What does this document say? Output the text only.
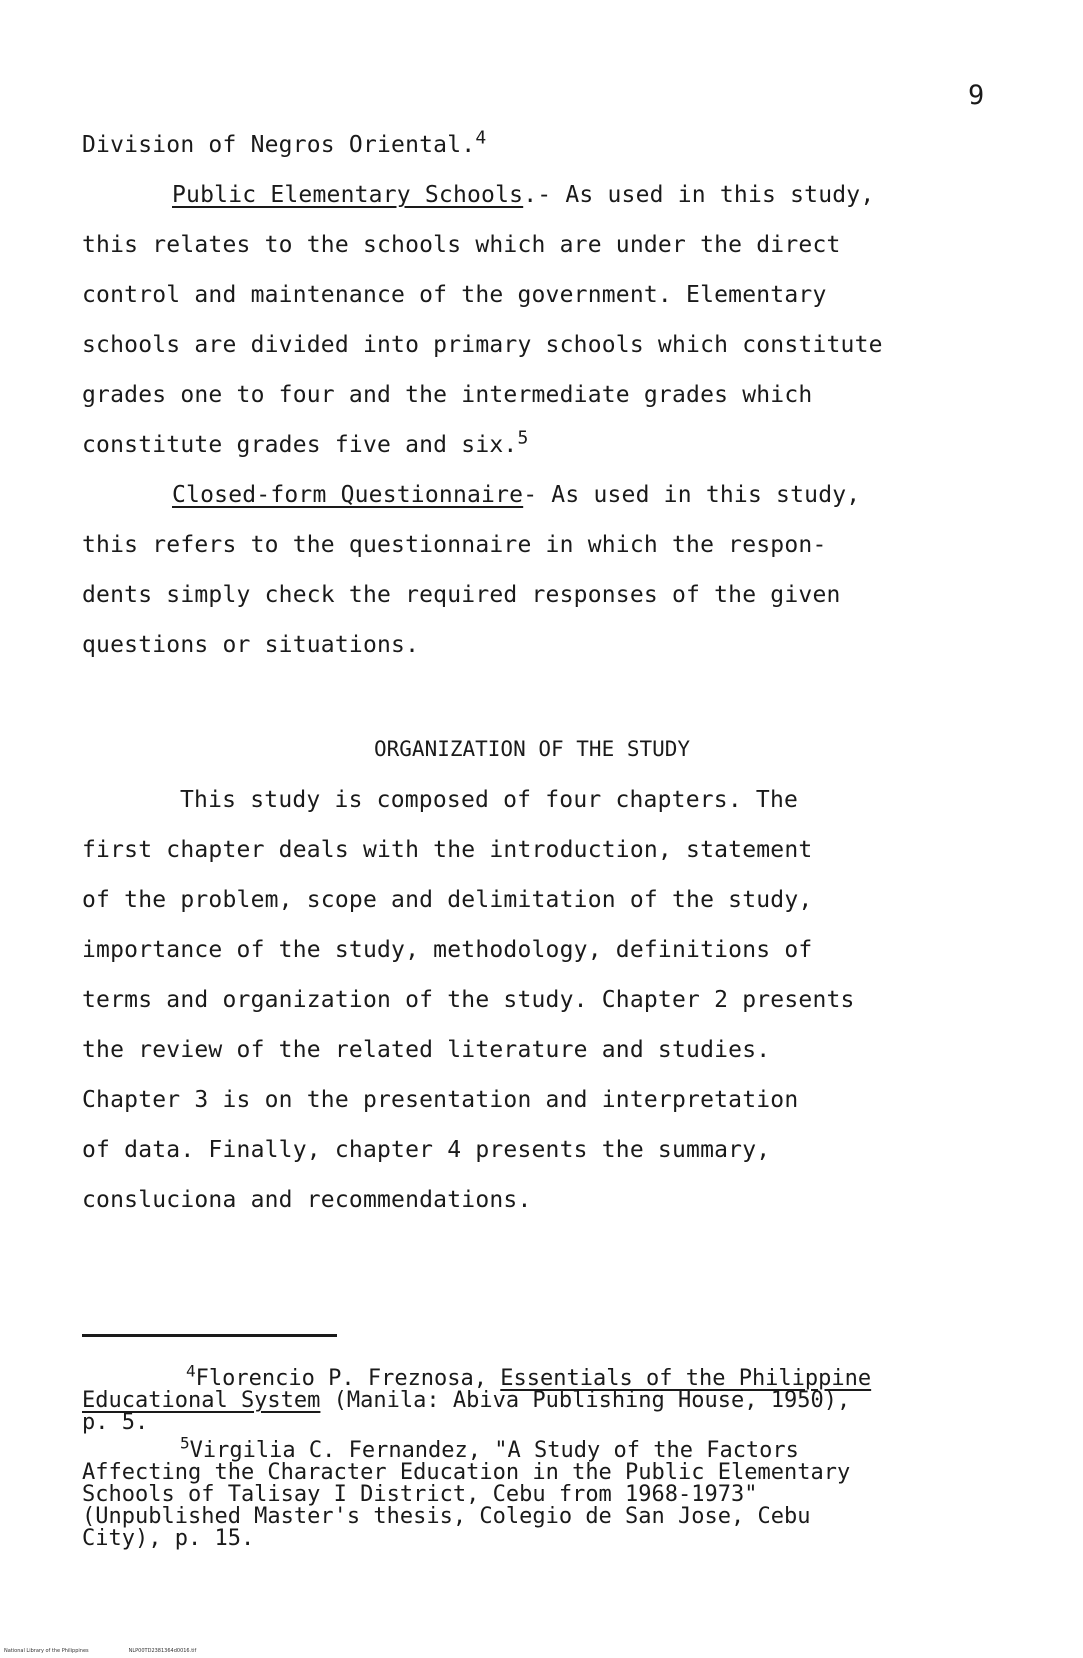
9
Division of Negros Oriental.$^4$
Public Elementary Schools.- As used in this study,
this relates to the schools which are under the direct
control and maintenance of the government. Elementary
schools are divided into primary schools which constitute
grades one to four and the intermediate grades which
constitute grades five and six.$^5$
Closed-form Questionnaire- As used in this study,
this refers to the questionnaire in which the respon-
dents simply check the required responses of the given
questions or situations.
ORGANIZATION OF THE STUDY
This study is composed of four chapters. The
first chapter deals with the introduction, statement
of the problem, scope and delimitation of the study,
importance of the study, methodology, definitions of
terms and organization of the study. Chapter 2 presents
the review of the related literature and studies.
Chapter 3 is on the presentation and interpretation
of data. Finally, chapter 4 presents the summary,
consluciona and recommendations.
$^4$Florencio P. Freznosa, Essentials of the Philippine
Educational System (Manila: Abiva Publishing House, 1950),
p. 5.
$^5$Virgilia C. Fernandez, "A Study of the Factors
Affecting the Character Education in the Public Elementary
Schools of Talisay I District, Cebu from 1968-1973"
(Unpublished Master's thesis, Colegio de San Jose, Cebu
City), p. 15.
National Library of the Philippines	NLP00TD2381364d0016.tif
